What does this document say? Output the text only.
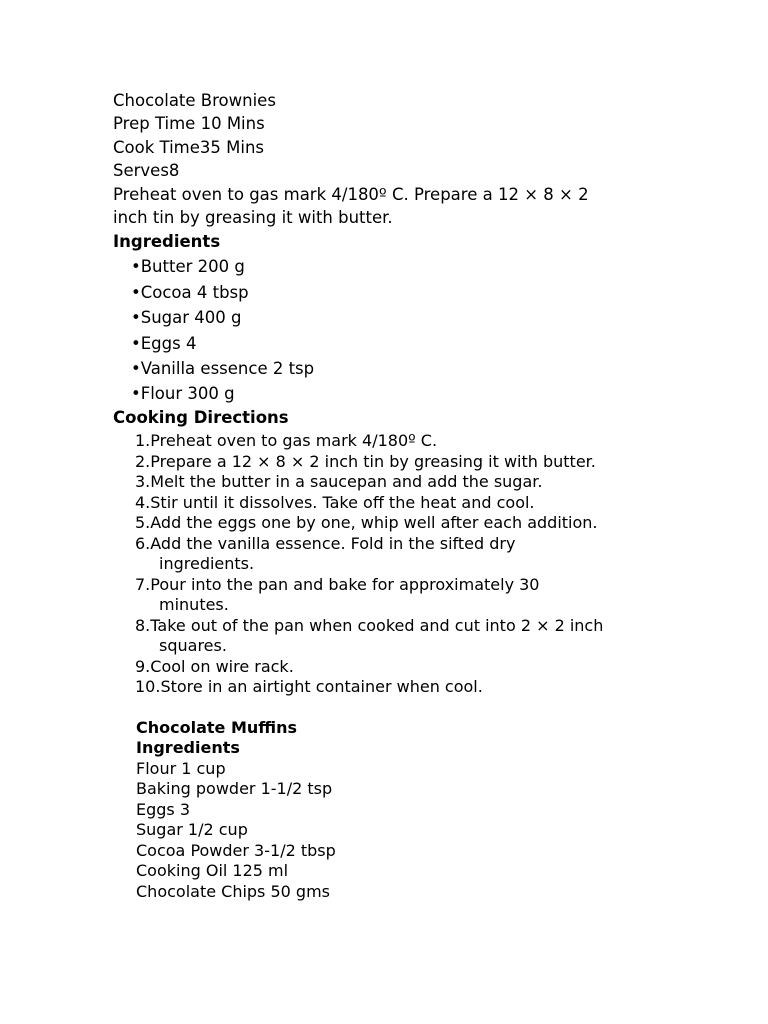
Chocolate Brownies

Prep Time 10 Mins

Cook Time35 Mins

Serves8

Preheat oven to gas mark 4/180º C. Prepare a 12 × 8 × 2

inch tin by greasing it with butter.

Ingredients

•Butter 200 g

•Cocoa 4 tbsp

•Sugar 400 g

•Eggs 4

•Vanilla essence 2 tsp

•Flour 300 g

Cooking Directions

1.Preheat oven to gas mark 4/180º C.

2.Prepare a 12 × 8 × 2 inch tin by greasing it with butter.

3.Melt the butter in a saucepan and add the sugar.

4.Stir until it dissolves. Take off the heat and cool.

5.Add the eggs one by one, whip well after each addition.

6.Add the vanilla essence. Fold in the sifted dry

ingredients.

7.Pour into the pan and bake for approximately 30

minutes.

8.Take out of the pan when cooked and cut into 2 × 2 inch

squares.

9.Cool on wire rack.

10.Store in an airtight container when cool.

Chocolate Muffins

Ingredients

Flour 1 cup

Baking powder 1-1/2 tsp

Eggs 3

Sugar 1/2 cup

Cocoa Powder 3-1/2 tbsp

Cooking Oil 125 ml

Chocolate Chips 50 gms
